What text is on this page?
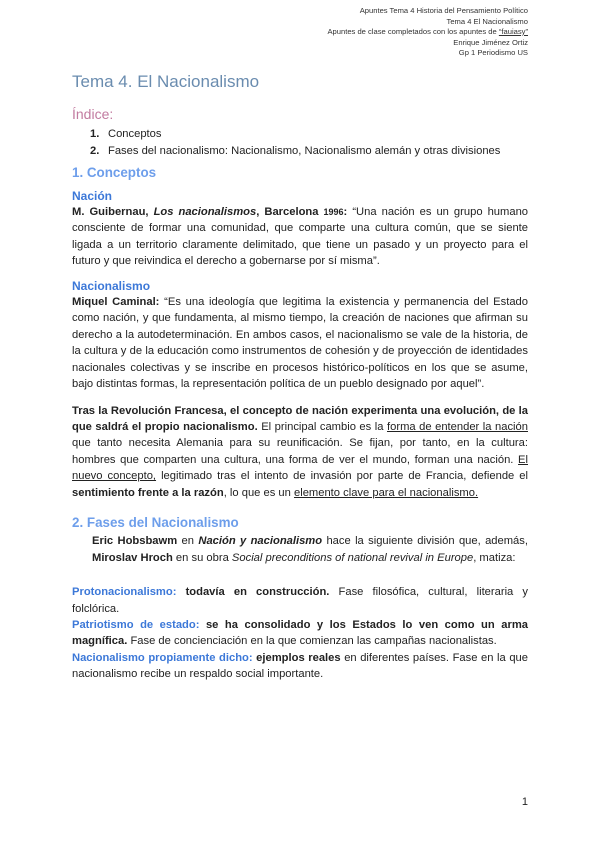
Apuntes Tema 4 Historia del Pensamiento Político
Tema 4 El Nacionalismo
Apuntes de clase completados con los apuntes de “fauiasy”
Enrique Jiménez Ortiz
Gp 1 Periodismo US
Tema 4. El Nacionalismo
Índice:
1. Conceptos
2. Fases del nacionalismo: Nacionalismo, Nacionalismo alemán y otras divisiones
1. Conceptos
Nación

M. Guibernau, Los nacionalismos, Barcelona 1996: “Una nación es un grupo humano consciente de formar una comunidad, que comparte una cultura común, que se siente ligada a un territorio claramente delimitado, que tiene un pasado y un proyecto para el futuro y que reivindica el derecho a gobernarse por sí misma”.

Nacionalismo

Miquel Caminal: “Es una ideología que legitima la existencia y permanencia del Estado como nación, y que fundamenta, al mismo tiempo, la creación de naciones que afirman su derecho a la autodeterminación. En ambos casos, el nacionalismo se vale de la historia, de la cultura y de la educación como instrumentos de cohesión y de proyección de identidades nacionales colectivas y se inscribe en procesos histórico-políticos en los que se asume, bajo distintas formas, la representación política de un pueblo designado por aquel”.

Tras la Revolución Francesa, el concepto de nación experimenta una evolución, de la que saldrá el propio nacionalismo. El principal cambio es la forma de entender la nación que tanto necesita Alemania para su reunificación. Se fijan, por tanto, en la cultura: hombres que comparten una cultura, una forma de ver el mundo, forman una nación. El nuevo concepto, legitimado tras el intento de invasión por parte de Francia, defiende el sentimiento frente a la razón, lo que es un elemento clave para el nacionalismo.

2. Fases del Nacionalismo

Eric Hobsbawm en Nación y nacionalismo hace la siguiente división que, además, Miroslav Hroch en su obra Social preconditions of national revival in Europe, matiza:

Protonacionalismo: todavía en construcción. Fase filosófica, cultural, literaria y folclórica.

Patriotismo de estado: se ha consolidado y los Estados lo ven como un arma magnífica. Fase de concienciación en la que comienzan las campañas nacionalistas.

Nacionalismo propiamente dicho: ejemplos reales en diferentes países. Fase en la que nacionalismo recibe un respaldo social importante.

1
